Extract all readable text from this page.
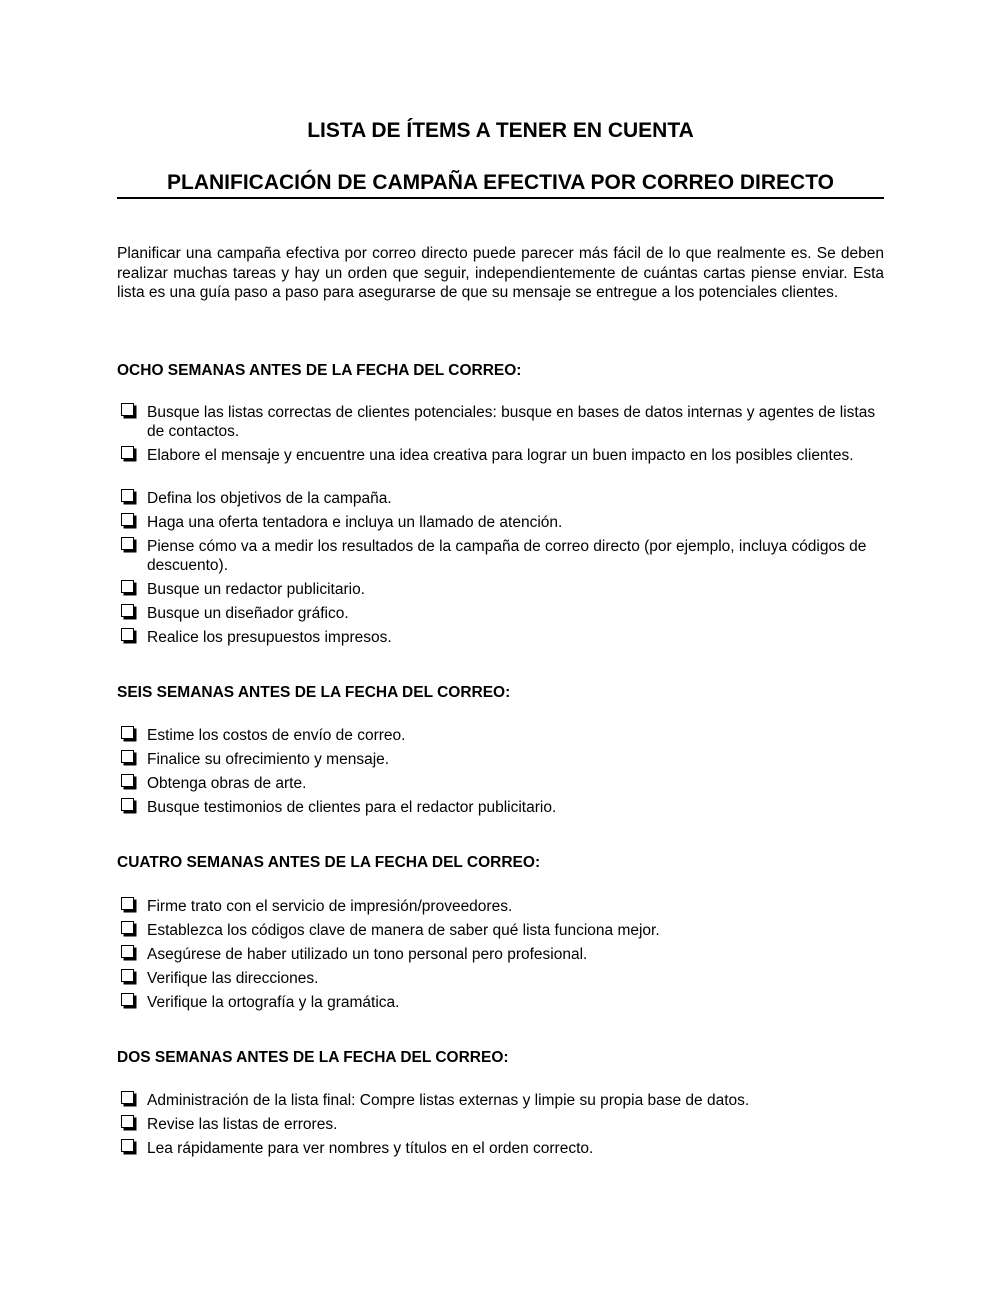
LISTA DE ÍTEMS A TENER EN CUENTA
PLANIFICACIÓN DE CAMPAÑA EFECTIVA POR CORREO DIRECTO
Planificar una campaña efectiva por correo directo puede parecer más fácil de lo que realmente es. Se deben realizar muchas tareas y hay un orden que seguir, independientemente de cuántas cartas piense enviar. Esta lista es una guía paso a paso para asegurarse de que su mensaje se entregue a los potenciales clientes.
OCHO SEMANAS ANTES DE LA FECHA DEL CORREO:
Busque las listas correctas de clientes potenciales: busque en bases de datos internas y agentes de listas de contactos.
Elabore el mensaje y encuentre una idea creativa para lograr un buen impacto en los posibles clientes.
Defina los objetivos de la campaña.
Haga una oferta tentadora e incluya un llamado de atención.
Piense cómo va a medir los resultados de la campaña de correo directo (por ejemplo, incluya códigos de descuento).
Busque un redactor publicitario.
Busque un diseñador gráfico.
Realice los presupuestos impresos.
SEIS SEMANAS ANTES DE LA FECHA DEL CORREO:
Estime los costos de envío de correo.
Finalice su ofrecimiento y mensaje.
Obtenga obras de arte.
Busque testimonios de clientes para el redactor publicitario.
CUATRO SEMANAS ANTES DE LA FECHA DEL CORREO:
Firme trato con el servicio de impresión/proveedores.
Establezca los códigos clave de manera de saber qué lista funciona mejor.
Asegúrese de haber utilizado un tono personal pero profesional.
Verifique las direcciones.
Verifique la ortografía y la gramática.
DOS SEMANAS ANTES DE LA FECHA DEL CORREO:
Administración de la lista final: Compre listas externas y limpie su propia base de datos.
Revise las listas de errores.
Lea rápidamente para ver nombres y títulos en el orden correcto.
